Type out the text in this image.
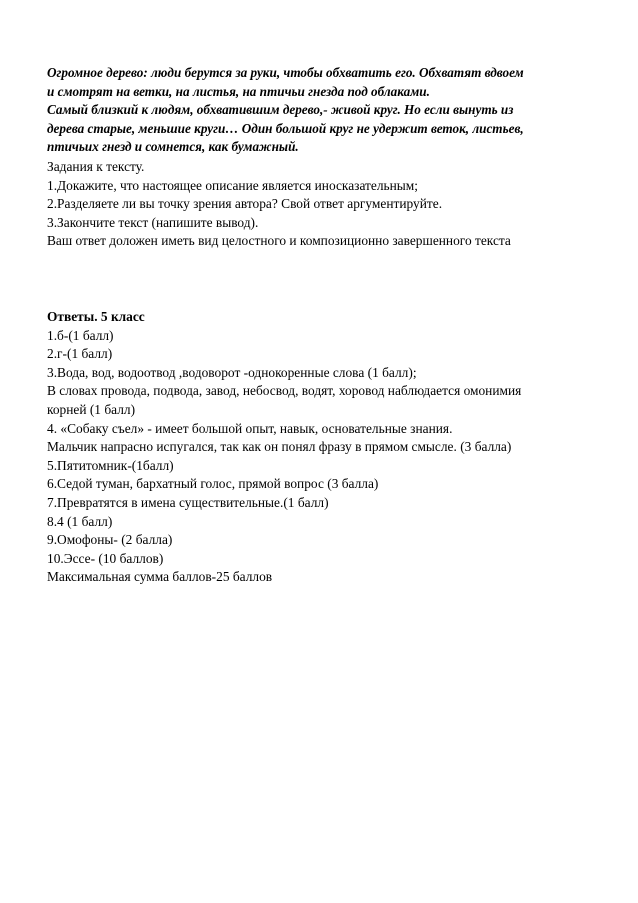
Огромное дерево: люди берутся за руки, чтобы обхватить его. Обхватят вдвоем
и смотрят на ветки, на листья, на птичьи гнезда под облаками.
Самый близкий к людям, обхватившим дерево,- живой круг. Но если вынуть из
дерева старые, меньшие круги… Один большой круг не удержит веток, листьев,
птичьих гнезд и сомнется, как бумажный.
Задания к тексту.
1.Докажите, что настоящее описание является иносказательным;
2.Разделяете ли вы точку зрения автора? Свой ответ аргументируйте.
3.Закончите текст (напишите вывод).
Ваш ответ доложен иметь вид целостного и композиционно завершенного текста
Ответы. 5 класс
1.б-(1 балл)
2.г-(1 балл)
3.Вода, вод, водоотвод ,водоворот -однокоренные слова (1 балл);
В словах провода, подвода, завод, небосвод, водят, хоровод наблюдается омонимия
корней (1 балл)
4. «Собаку съел» - имеет большой опыт, навык, основательные знания.
Мальчик напрасно испугался, так как он понял фразу в прямом смысле. (3 балла)
5.Пятитомник-(1балл)
6.Седой туман, бархатный голос, прямой вопрос (3 балла)
7.Превратятся в имена существительные.(1 балл)
8.4 (1 балл)
9.Омофоны- (2 балла)
10.Эссе- (10 баллов)
Максимальная сумма баллов-25 баллов
